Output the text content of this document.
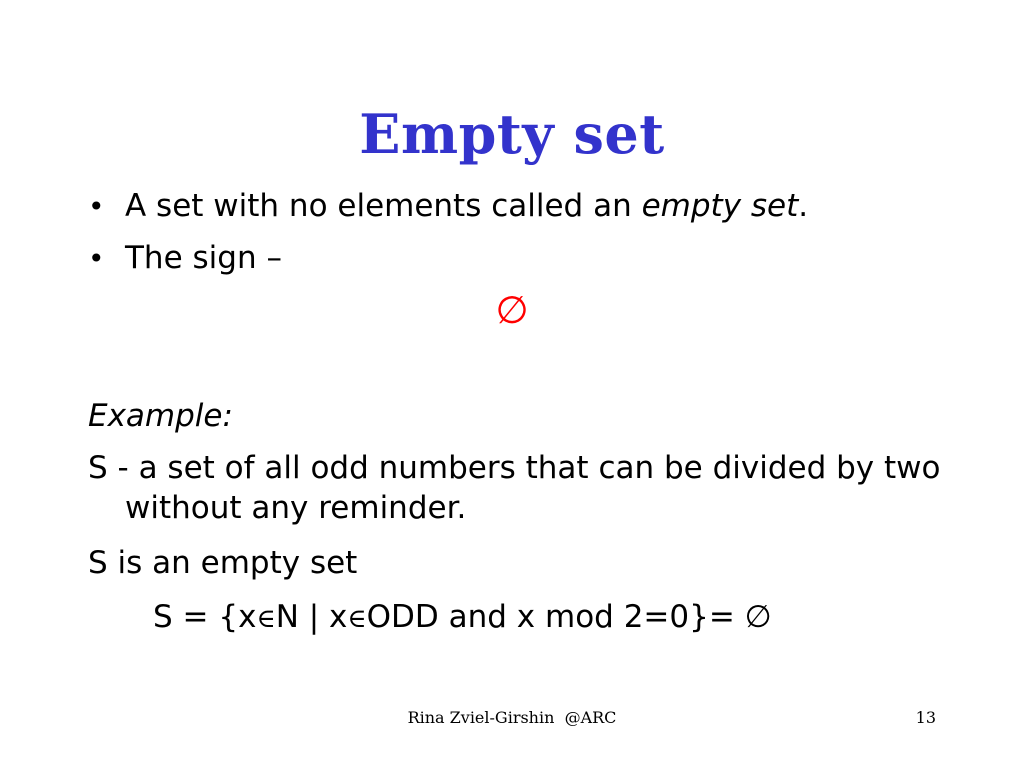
Empty set
• A set with no elements called an empty set.
• The sign –
∅
Example:
S - a set of all odd numbers that can be divided by two without any reminder.
S is an empty set
S = {x∈N | x∈ODD and x mod 2=0}= ∅
Rina Zviel-Girshin  @ARC	13
